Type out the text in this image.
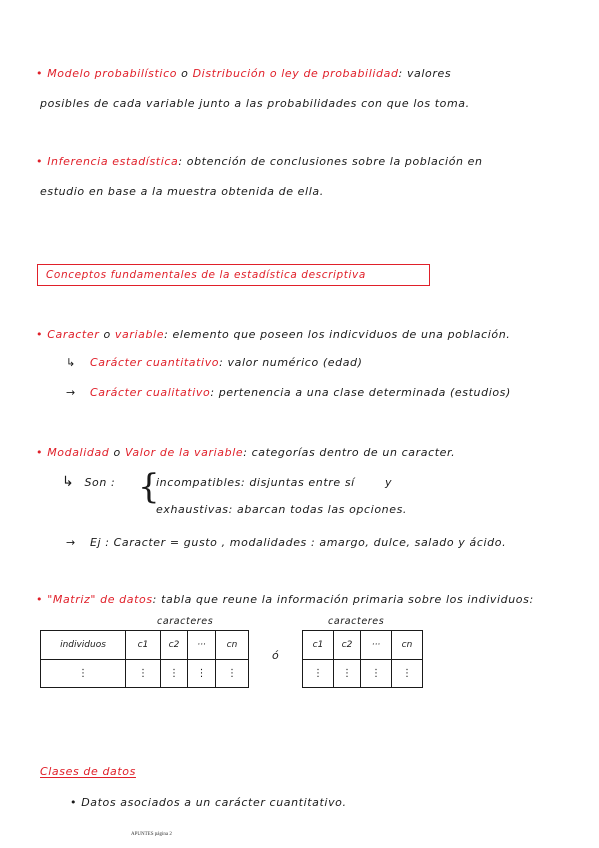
• Modelo probabilístico o Distribución o ley de probabilidad: valores
posibles de cada variable junto a las probabilidades con que los toma.
• Inferencia estadística: obtención de conclusiones sobre la población en
estudio en base a la muestra obtenida de ella.
Conceptos fundamentales de la estadística descriptiva
• Caracter o variable: elemento que poseen los indicviduos de una población.
↳ Carácter cuantitativo: valor numérico (edad)
→ Carácter cualitativo: pertenencia a una clase determinada (estudios)
• Modalidad o Valor de la variable: categorías dentro de un caracter.
↳ Son : {
incompatibles: disjuntas entre sí	y
exhaustivas: abarcan todas las opciones.
→ Ej : Caracter = gusto , modalidades : amargo, dulce, salado y ácido.
• "Matriz" de datos: tabla que reune la información primaria sobre los individuos:
caracteres
individuos	c1	c2	···	cn
⋮	⋮	⋮	⋮	⋮
ó
caracteres
c1	c2	···	cn
⋮	⋮	⋮	⋮
Clases de datos
• Datos asociados a un carácter cuantitativo.
APUNTES página 2
